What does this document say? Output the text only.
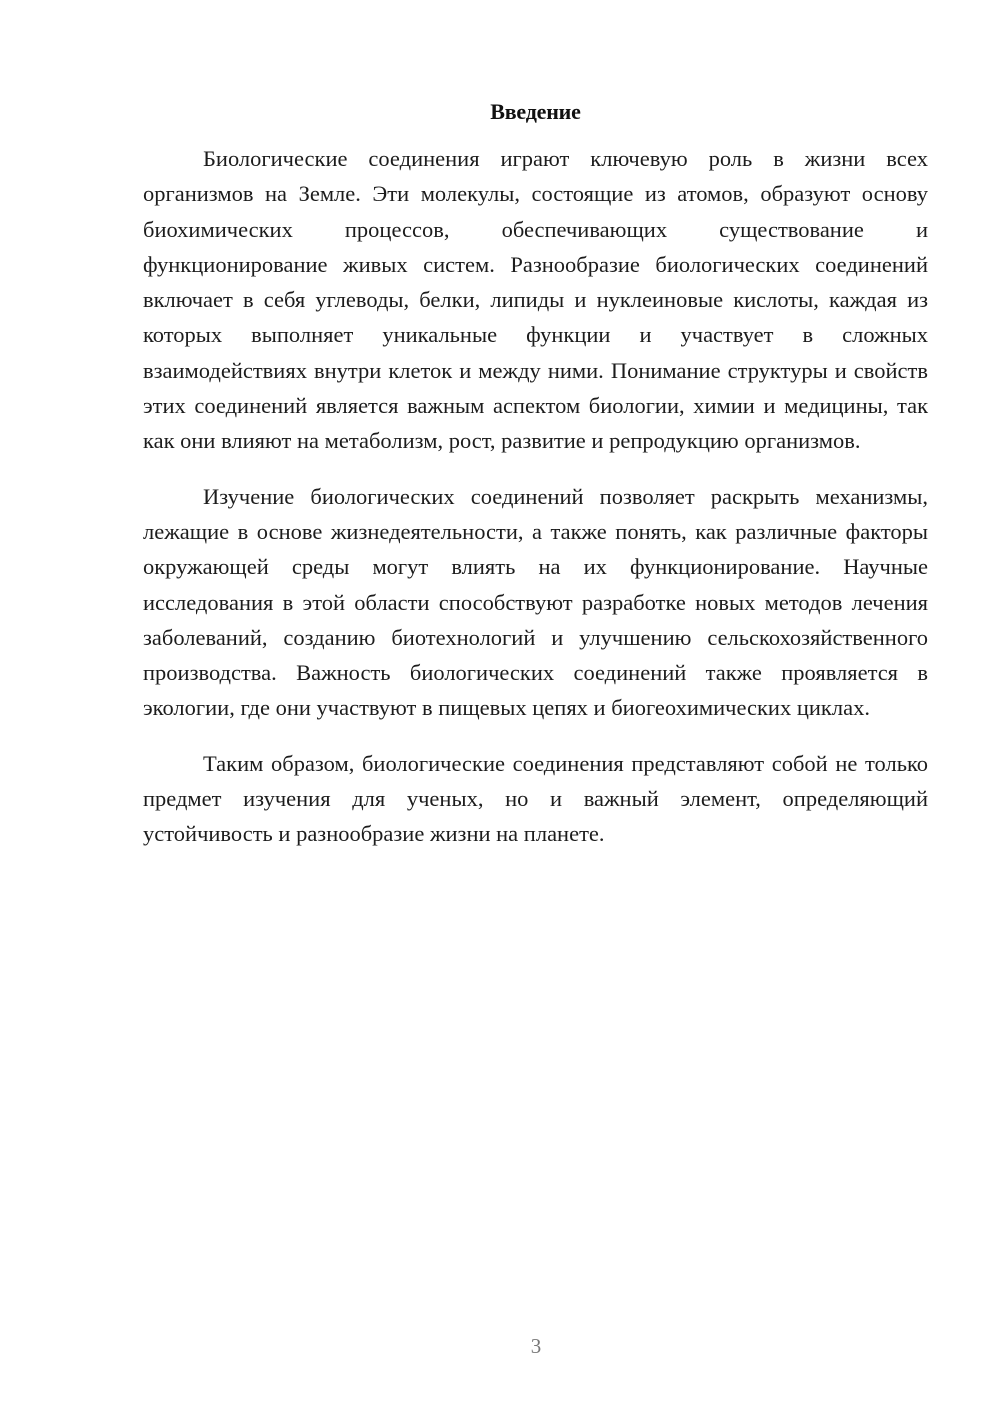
Введение

Биологические соединения играют ключевую роль в жизни всех организмов на Земле. Эти молекулы, состоящие из атомов, образуют основу биохимических процессов, обеспечивающих существование и функционирование живых систем. Разнообразие биологических соединений включает в себя углеводы, белки, липиды и нуклеиновые кислоты, каждая из которых выполняет уникальные функции и участвует в сложных взаимодействиях внутри клеток и между ними. Понимание структуры и свойств этих соединений является важным аспектом биологии, химии и медицины, так как они влияют на метаболизм, рост, развитие и репродукцию организмов.

Изучение биологических соединений позволяет раскрыть механизмы, лежащие в основе жизнедеятельности, а также понять, как различные факторы окружающей среды могут влиять на их функционирование. Научные исследования в этой области способствуют разработке новых методов лечения заболеваний, созданию биотехнологий и улучшению сельскохозяйственного производства. Важность биологических соединений также проявляется в экологии, где они участвуют в пищевых цепях и биогеохимических циклах.

Таким образом, биологические соединения представляют собой не только предмет изучения для ученых, но и важный элемент, определяющий устойчивость и разнообразие жизни на планете.

3
